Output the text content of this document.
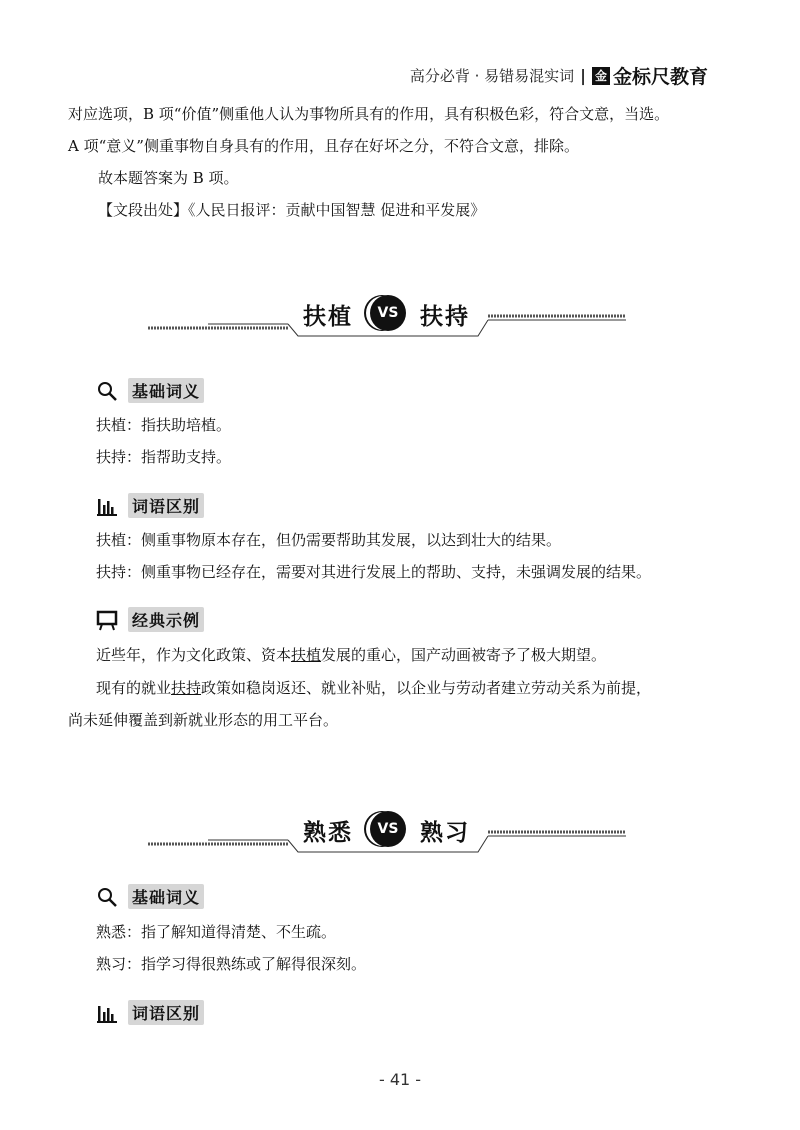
高分必背 · 易错易混实词 | 金 金标尺教育
对应选项，B 项“价值”侧重他人认为事物所具有的作用，具有积极色彩，符合文意，当选。
A 项“意义”侧重事物自身具有的作用，且存在好坏之分，不符合文意，排除。
故本题答案为 B 项。
【文段出处】《人民日报评：贡献中国智慧 促进和平发展》
扶植	VS 扶持
基础词义
扶植：指扶助培植。
扶持：指帮助支持。
词语区别
扶植：侧重事物原本存在，但仍需要帮助其发展，以达到壮大的结果。
扶持：侧重事物已经存在，需要对其进行发展上的帮助、支持，未强调发展的结果。
经典示例
近些年，作为文化政策、资本扶植发展的重心，国产动画被寄予了极大期望。
现有的就业扶持政策如稳岗返还、就业补贴，以企业与劳动者建立劳动关系为前提，
尚未延伸覆盖到新就业形态的用工平台。
熟悉	VS 熟习
基础词义
熟悉：指了解知道得清楚、不生疏。
熟习：指学习得很熟练或了解得很深刻。
词语区别
- 41 -
